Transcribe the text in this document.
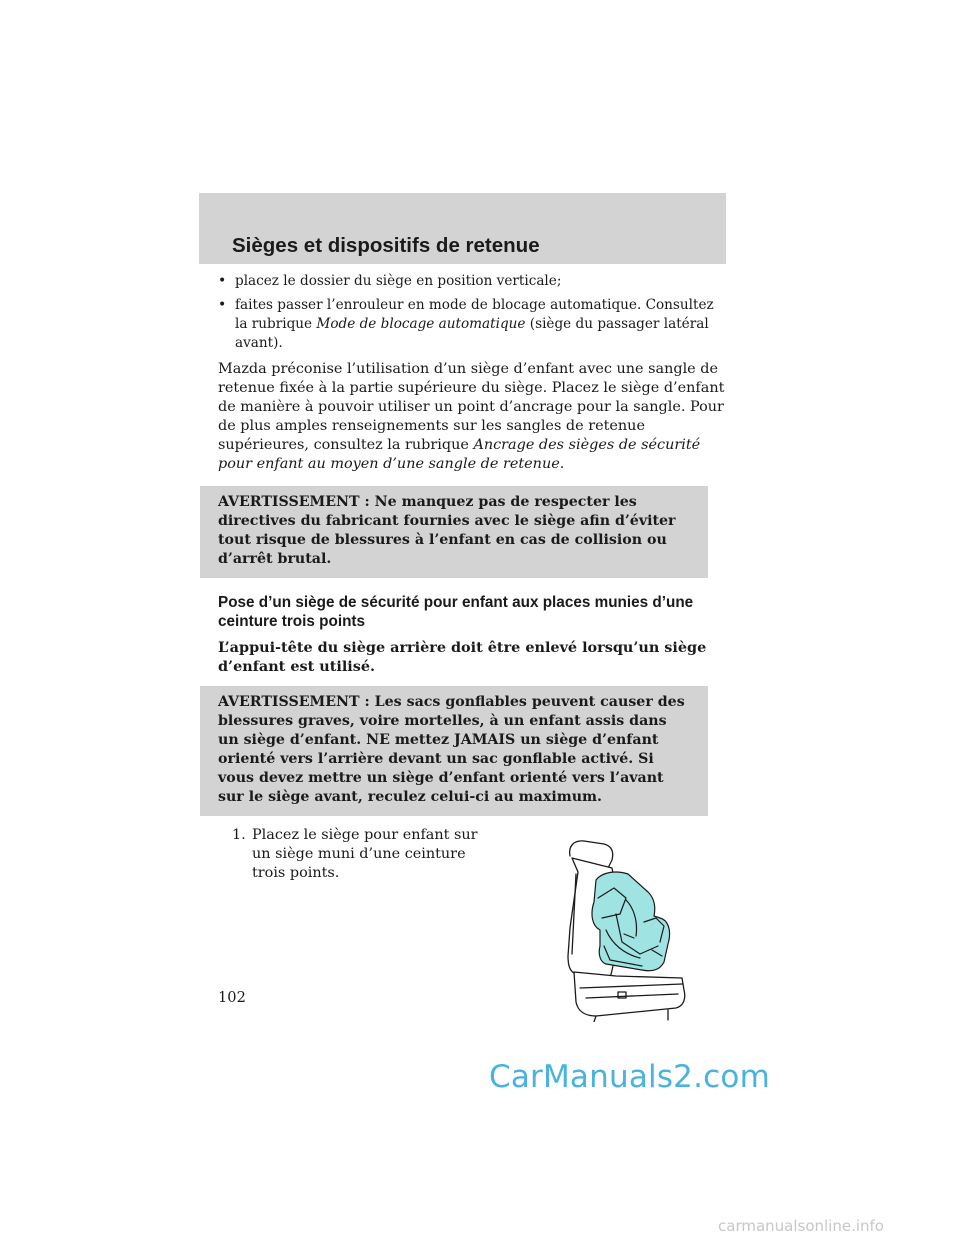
Sièges et dispositifs de retenue
• placez le dossier du siège en position verticale;
• faites passer l’enrouleur en mode de blocage automatique. Consultez la rubrique Mode de blocage automatique (siège du passager latéral avant).

Mazda préconise l’utilisation d’un siège d’enfant avec une sangle de retenue fixée à la partie supérieure du siège. Placez le siège d’enfant de manière à pouvoir utiliser un point d’ancrage pour la sangle. Pour de plus amples renseignements sur les sangles de retenue supérieures, consultez la rubrique Ancrage des sièges de sécurité pour enfant au moyen d’une sangle de retenue.

AVERTISSEMENT : Ne manquez pas de respecter les directives du fabricant fournies avec le siège afin d’éviter tout risque de blessures à l’enfant en cas de collision ou d’arrêt brutal.

Pose d’un siège de sécurité pour enfant aux places munies d’une ceinture trois points

L’appui-tête du siège arrière doit être enlevé lorsqu’un siège d’enfant est utilisé.

AVERTISSEMENT : Les sacs gonflables peuvent causer des blessures graves, voire mortelles, à un enfant assis dans un siège d’enfant. NE mettez JAMAIS un siège d’enfant orienté vers l’arrière devant un sac gonflable activé. Si vous devez mettre un siège d’enfant orienté vers l’avant sur le siège avant, reculez celui-ci au maximum.
1. Placez le siège pour enfant sur un siège muni d’une ceinture trois points.
102
CarManuals2.com
carmanualsonline.info
